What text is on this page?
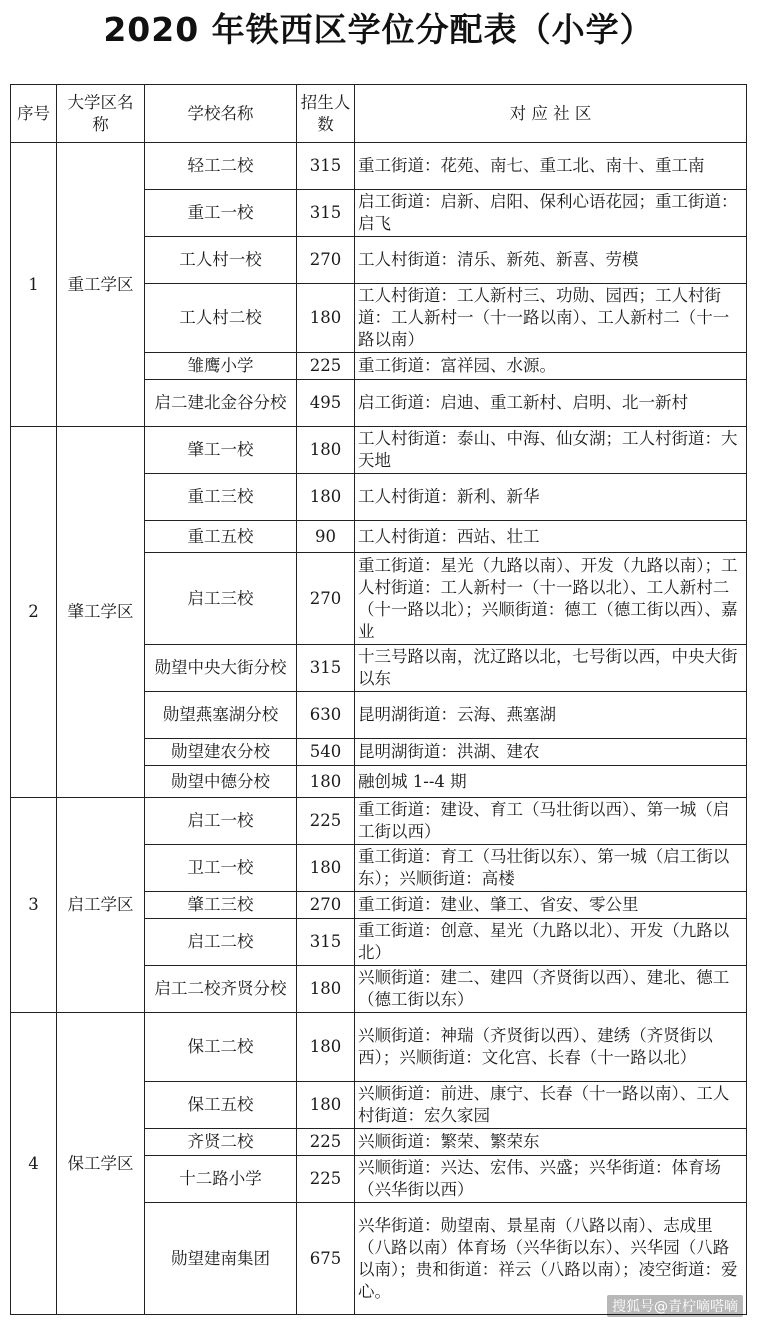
2020 年铁西区学位分配表（小学）
序号	大学区名称	学校名称	招生人数	对 应 社 区
1	重工学区	轻工二校	315	重工街道：花苑、南七、重工北、南十、重工南
		重工一校	315	启工街道：启新、启阳、保利心语花园；重工街道：启飞
		工人村一校	270	工人村街道：清乐、新苑、新喜、劳模
		工人村二校	180	工人村街道：工人新村三、功勋、园西；工人村街道：工人新村一（十一路以南）、工人新村二（十一路以南）
		雏鹰小学	225	重工街道：富祥园、水源。
		启二建北金谷分校	495	启工街道：启迪、重工新村、启明、北一新村
2	肇工学区	肇工一校	180	工人村街道：泰山、中海、仙女湖；工人村街道：大天地
		重工三校	180	工人村街道：新利、新华
		重工五校	90	工人村街道：西站、壮工
		启工三校	270	重工街道：星光（九路以南）、开发（九路以南）；工人村街道：工人新村一（十一路以北）、工人新村二（十一路以北）；兴顺街道：德工（德工街以西）、嘉业
		勋望中央大街分校	315	十三号路以南，沈辽路以北，七号街以西，中央大街以东
		勋望燕塞湖分校	630	昆明湖街道：云海、燕塞湖
		勋望建农分校	540	昆明湖街道：洪湖、建农
		勋望中德分校	180	融创城 1--4 期
3	启工学区	启工一校	225	重工街道：建设、育工（马壮街以西）、第一城（启工街以西）
		卫工一校	180	重工街道：育工（马壮街以东）、第一城（启工街以东）；兴顺街道：高楼
		肇工三校	270	重工街道：建业、肇工、省安、零公里
		启工二校	315	重工街道：创意、星光（九路以北）、开发（九路以北）
		启工二校齐贤分校	180	兴顺街道：建二、建四（齐贤街以西）、建北、德工（德工街以东）
4	保工学区	保工二校	180	兴顺街道：神瑞（齐贤街以西）、建绣（齐贤街以西）；兴顺街道：文化宫、长春（十一路以北）
		保工五校	180	兴顺街道：前进、康宁、长春（十一路以南）、工人村街道：宏久家园
		齐贤二校	225	兴顺街道：繁荣、繁荣东
		十二路小学	225	兴顺街道：兴达、宏伟、兴盛；兴华街道：体育场（兴华街以西）
		勋望建南集团	675	兴华街道：勋望南、景星南（八路以南）、志成里（八路以南）体育场（兴华街以东）、兴华园（八路以南）；贵和街道：祥云（八路以南）；凌空街道：爱心。
搜狐号@青柠嘀嗒嘀
